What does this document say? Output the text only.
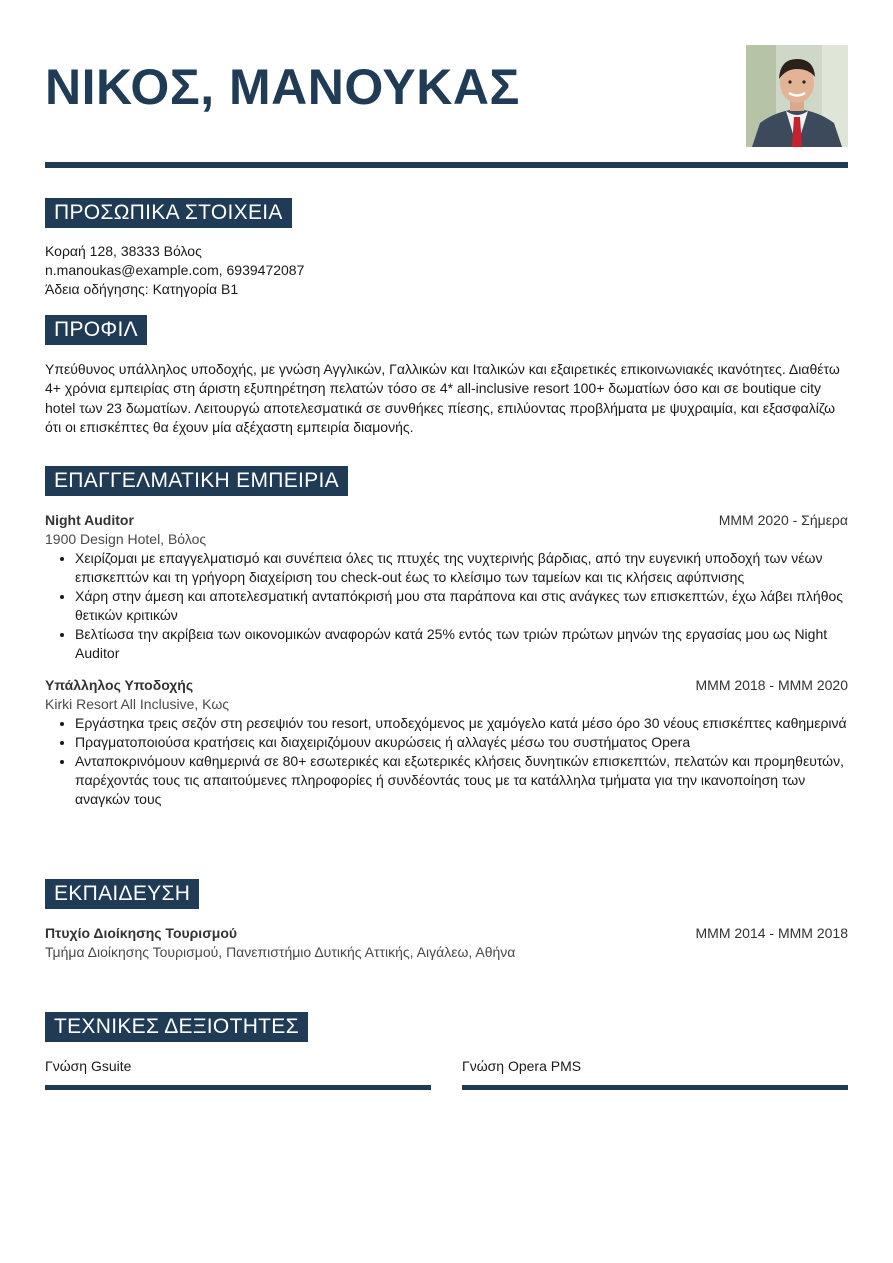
ΝΙΚΟΣ, ΜΑΝΟΥΚΑΣ
ΠΡΟΣΩΠΙΚΑ ΣΤΟΙΧΕΙΑ
Κοραή 128, 38333 Βόλος
n.manoukas@example.com, 6939472087
Άδεια οδήγησης: Κατηγορία Β1
ΠΡΟΦΙΛ

Υπεύθυνος υπάλληλος υποδοχής, με γνώση Αγγλικών, Γαλλικών και Ιταλικών και εξαιρετικές επικοινωνιακές ικανότητες. Διαθέτω 4+ χρόνια εμπειρίας στη άριστη εξυπηρέτηση πελατών τόσο σε 4* all-inclusive resort 100+ δωματίων όσο και σε boutique city hotel των 23 δωματίων. Λειτουργώ αποτελεσματικά σε συνθήκες πίεσης, επιλύοντας προβλήματα με ψυχραιμία, και εξασφαλίζω ότι οι επισκέπτες θα έχουν μία αξέχαστη εμπειρία διαμονής.

ΕΠΑΓΓΕΛΜΑΤΙΚΗ ΕΜΠΕΙΡΙΑ
Night Auditor	MMM 2020 - Σήμερα
1900 Design Hotel, Βόλος
• Χειρίζομαι με επαγγελματισμό και συνέπεια όλες τις πτυχές της νυχτερινής βάρδιας, από την ευγενική υποδοχή των νέων επισκεπτών και τη γρήγορη διαχείριση του check-out έως το κλείσιμο των ταμείων και τις κλήσεις αφύπνισης
• Χάρη στην άμεση και αποτελεσματική ανταπόκρισή μου στα παράπονα και στις ανάγκες των επισκεπτών, έχω λάβει πλήθος θετικών κριτικών
• Βελτίωσα την ακρίβεια των οικονομικών αναφορών κατά 25% εντός των τριών πρώτων μηνών της εργασίας μου ως Night Auditor
Υπάλληλος Υποδοχής	MMM 2018 - MMM 2020
Kirki Resort All Inclusive, Κως
• Εργάστηκα τρεις σεζόν στη ρεσεψιόν του resort, υποδεχόμενος με χαμόγελο κατά μέσο όρο 30 νέους επισκέπτες καθημερινά
• Πραγματοποιούσα κρατήσεις και διαχειριζόμουν ακυρώσεις ή αλλαγές μέσω του συστήματος Opera
• Ανταποκρινόμουν καθημερινά σε 80+ εσωτερικές και εξωτερικές κλήσεις δυνητικών επισκεπτών, πελατών και προμηθευτών, παρέχοντάς τους τις απαιτούμενες πληροφορίες ή συνδέοντάς τους με τα κατάλληλα τμήματα για την ικανοποίηση των αναγκών τους
ΕΚΠΑΙΔΕΥΣΗ
Πτυχίο Διοίκησης Τουρισμού	MMM 2014 - MMM 2018
Τμήμα Διοίκησης Τουρισμού, Πανεπιστήμιο Δυτικής Αττικής, Αιγάλεω, Αθήνα
ΤΕΧΝΙΚΕΣ ΔΕΞΙΟΤΗΤΕΣ
Γνώση Gsuite	Γνώση Opera PMS
